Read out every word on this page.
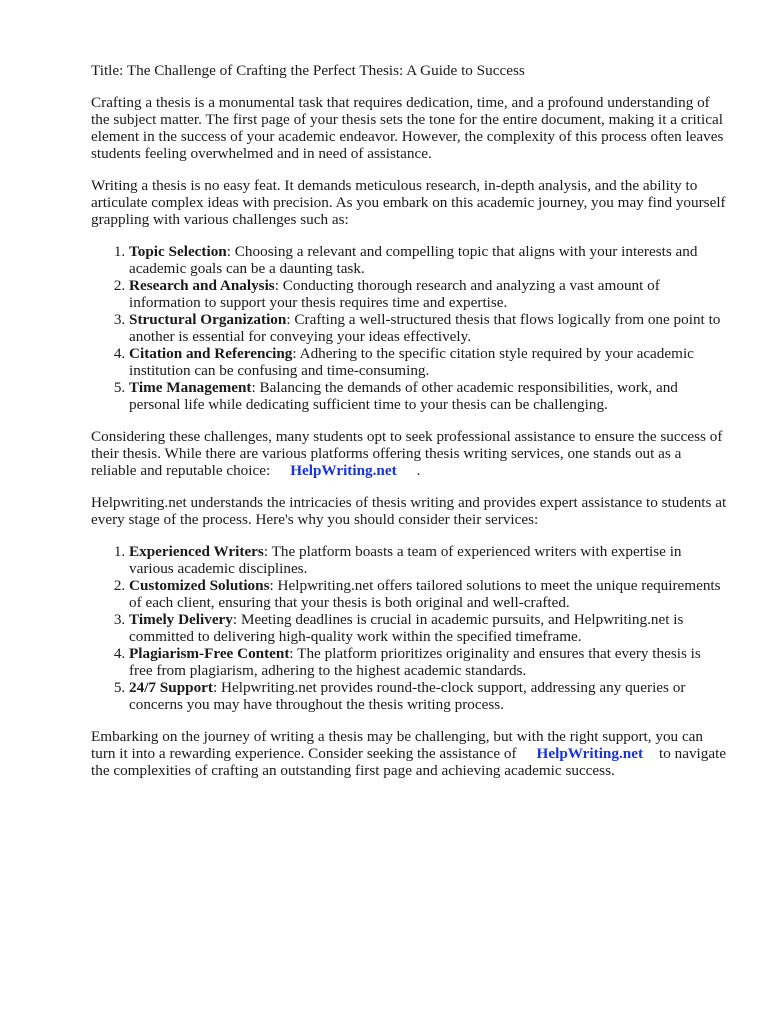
Title: The Challenge of Crafting the Perfect Thesis: A Guide to Success

Crafting a thesis is a monumental task that requires dedication, time, and a profound understanding of the subject matter. The first page of your thesis sets the tone for the entire document, making it a critical element in the success of your academic endeavor. However, the complexity of this process often leaves students feeling overwhelmed and in need of assistance.

Writing a thesis is no easy feat. It demands meticulous research, in-depth analysis, and the ability to articulate complex ideas with precision. As you embark on this academic journey, you may find yourself grappling with various challenges such as:

1. Topic Selection: Choosing a relevant and compelling topic that aligns with your interests and academic goals can be a daunting task.
2. Research and Analysis: Conducting thorough research and analyzing a vast amount of information to support your thesis requires time and expertise.
3. Structural Organization: Crafting a well-structured thesis that flows logically from one point to another is essential for conveying your ideas effectively.
4. Citation and Referencing: Adhering to the specific citation style required by your academic institution can be confusing and time-consuming.
5. Time Management: Balancing the demands of other academic responsibilities, work, and personal life while dedicating sufficient time to your thesis can be challenging.

Considering these challenges, many students opt to seek professional assistance to ensure the success of their thesis. While there are various platforms offering thesis writing services, one stands out as a reliable and reputable choice: HelpWriting.net .

Helpwriting.net understands the intricacies of thesis writing and provides expert assistance to students at every stage of the process. Here's why you should consider their services:

1. Experienced Writers: The platform boasts a team of experienced writers with expertise in various academic disciplines.
2. Customized Solutions: Helpwriting.net offers tailored solutions to meet the unique requirements of each client, ensuring that your thesis is both original and well-crafted.
3. Timely Delivery: Meeting deadlines is crucial in academic pursuits, and Helpwriting.net is committed to delivering high-quality work within the specified timeframe.
4. Plagiarism-Free Content: The platform prioritizes originality and ensures that every thesis is free from plagiarism, adhering to the highest academic standards.
5. 24/7 Support: Helpwriting.net provides round-the-clock support, addressing any queries or concerns you may have throughout the thesis writing process.

Embarking on the journey of writing a thesis may be challenging, but with the right support, you can turn it into a rewarding experience. Consider seeking the assistance of HelpWriting.net to navigate the complexities of crafting an outstanding first page and achieving academic success.
